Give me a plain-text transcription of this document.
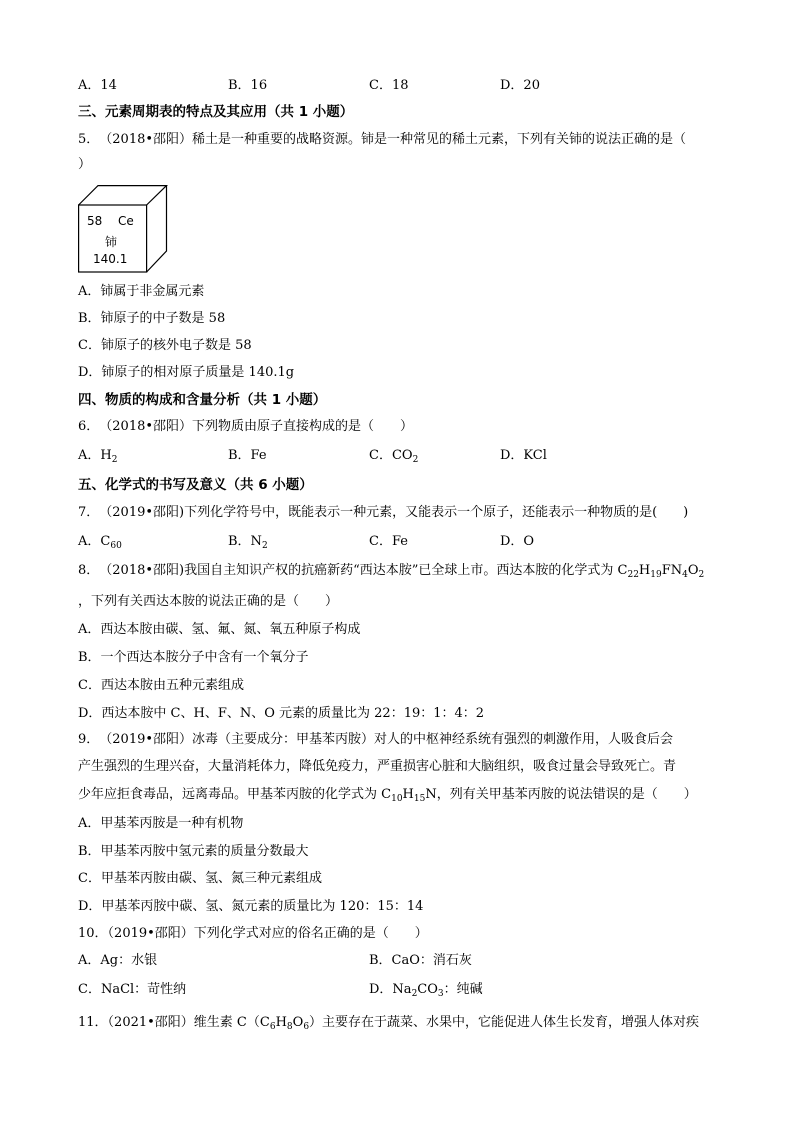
A．14	B．16	C．18	D．20
三、元素周期表的特点及其应用（共 1 小题）
5．　（2018•邵阳）稀土是一种重要的战略资源。铈是一种常见的稀土元素，下列有关铈的说法正确的是（
）
58 Ce
铈
140.1
A．铈属于非金属元素
B．铈原子的中子数是 58
C．铈原子的核外电子数是 58
D．铈原子的相对原子质量是 140.1g
四、物质的构成和含量分析（共 1 小题）
6．　（2018•邵阳）下列物质由原子直接构成的是（　　）
A．$H_2$	B．Fe	C．$CO_2$	D．KCl
五、化学式的书写及意义（共 6 小题）
7．　（2019•邵阳)下列化学符号中，既能表示一种元素，又能表示一个原子，还能表示一种物质的是(　　)
A．$C_{60}$	B．$N_2$	C．Fe	D．O
8．　（2018•邵阳)我国自主知识产权的抗癌新药“西达本胺”已全球上市。西达本胺的化学式为 $C_{22}H_{19}FN_4O_2$
，下列有关西达本胺的说法正确的是（　　）
A．西达本胺由碳、氢、氟、氮、氧五种原子构成
B．一个西达本胺分子中含有一个氧分子
C．西达本胺由五种元素组成
D．西达本胺中 C、H、F、N、O 元素的质量比为 22：19：1：4：2
9．　（2019•邵阳）冰毒（主要成分：甲基苯丙胺）对人的中枢神经系统有强烈的刺激作用，人吸食后会
产生强烈的生理兴奋，大量消耗体力，降低免疫力，严重损害心脏和大脑组织，吸食过量会导致死亡。青
少年应拒食毒品，远离毒品。甲基苯丙胺的化学式为 $C_{10}H_{15}N$，列有关甲基苯丙胺的说法错误的是（　　）
A．甲基苯丙胺是一种有机物
B．甲基苯丙胺中氢元素的质量分数最大
C．甲基苯丙胺由碳、氢、氮三种元素组成
D．甲基苯丙胺中碳、氢、氮元素的质量比为 120：15：14
10．（2019•邵阳）下列化学式对应的俗名正确的是（　　）
A．Ag：水银	B．CaO：消石灰
C．NaCl：苛性纳	D．$Na_2CO_3$：纯碱
11．（2021•邵阳）维生素 $C(C_6H_8O_6)$主要存在于蔬菜、水果中，它能促进人体生长发育，增强人体对疾
